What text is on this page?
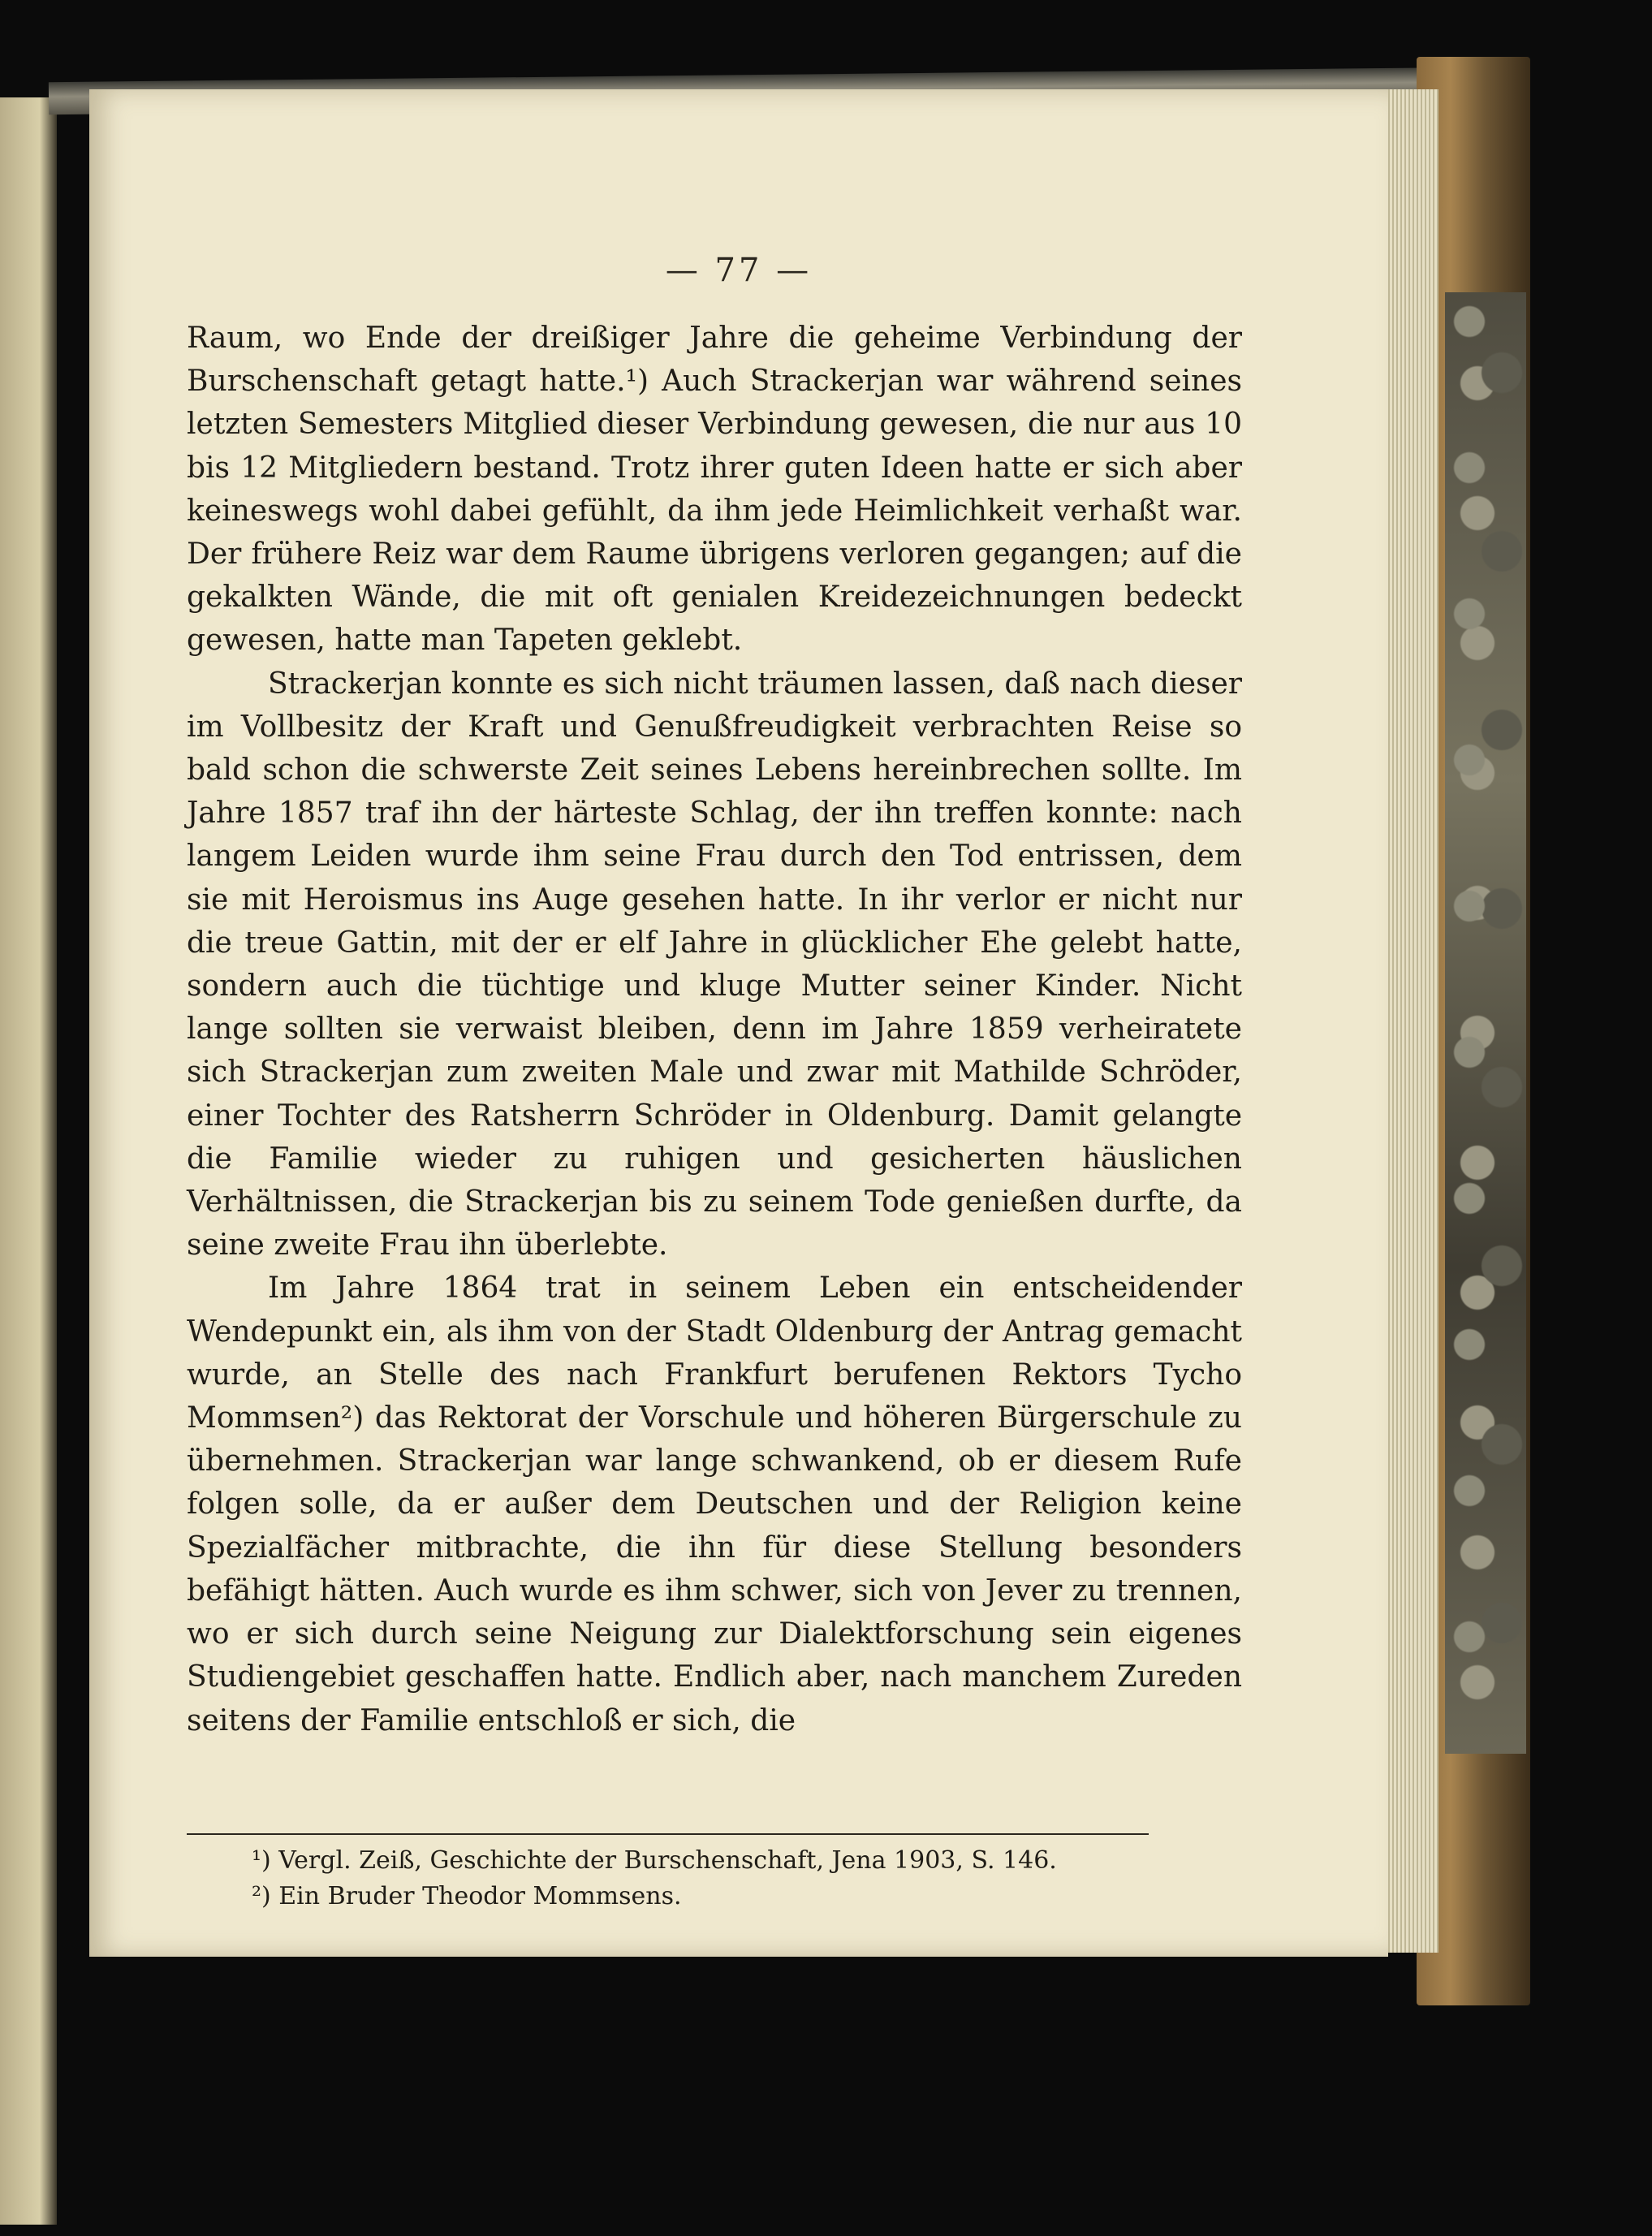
— 77 —

Raum, wo Ende der dreißiger Jahre die geheime Verbindung der Burschenschaft getagt hatte.¹) Auch Strackerjan war während seines letzten Semesters Mitglied dieser Verbindung gewesen, die nur aus 10 bis 12 Mitgliedern bestand. Trotz ihrer guten Ideen hatte er sich aber keineswegs wohl dabei gefühlt, da ihm jede Heimlichkeit verhaßt war. Der frühere Reiz war dem Raume übrigens verloren gegangen; auf die gekalkten Wände, die mit oft genialen Kreidezeichnungen bedeckt gewesen, hatte man Tapeten geklebt.

Strackerjan konnte es sich nicht träumen lassen, daß nach dieser im Vollbesitz der Kraft und Genußfreudigkeit verbrachten Reise so bald schon die schwerste Zeit seines Lebens hereinbrechen sollte. Im Jahre 1857 traf ihn der härteste Schlag, der ihn treffen konnte: nach langem Leiden wurde ihm seine Frau durch den Tod entrissen, dem sie mit Heroismus ins Auge gesehen hatte. In ihr verlor er nicht nur die treue Gattin, mit der er elf Jahre in glücklicher Ehe gelebt hatte, sondern auch die tüchtige und kluge Mutter seiner Kinder. Nicht lange sollten sie verwaist bleiben, denn im Jahre 1859 verheiratete sich Strackerjan zum zweiten Male und zwar mit Mathilde Schröder, einer Tochter des Ratsherrn Schröder in Oldenburg. Damit gelangte die Familie wieder zu ruhigen und gesicherten häuslichen Verhältnissen, die Strackerjan bis zu seinem Tode genießen durfte, da seine zweite Frau ihn überlebte.

Im Jahre 1864 trat in seinem Leben ein entscheidender Wendepunkt ein, als ihm von der Stadt Oldenburg der Antrag gemacht wurde, an Stelle des nach Frankfurt berufenen Rektors Tycho Mommsen²) das Rektorat der Vorschule und höheren Bürgerschule zu übernehmen. Strackerjan war lange schwankend, ob er diesem Rufe folgen solle, da er außer dem Deutschen und der Religion keine Spezialfächer mitbrachte, die ihn für diese Stellung besonders befähigt hätten. Auch wurde es ihm schwer, sich von Jever zu trennen, wo er sich durch seine Neigung zur Dialektforschung sein eigenes Studiengebiet geschaffen hatte. Endlich aber, nach manchem Zureden seitens der Familie entschloß er sich, die

¹) Vergl. Zeiß, Geschichte der Burschenschaft, Jena 1903, S. 146.
²) Ein Bruder Theodor Mommsens.
